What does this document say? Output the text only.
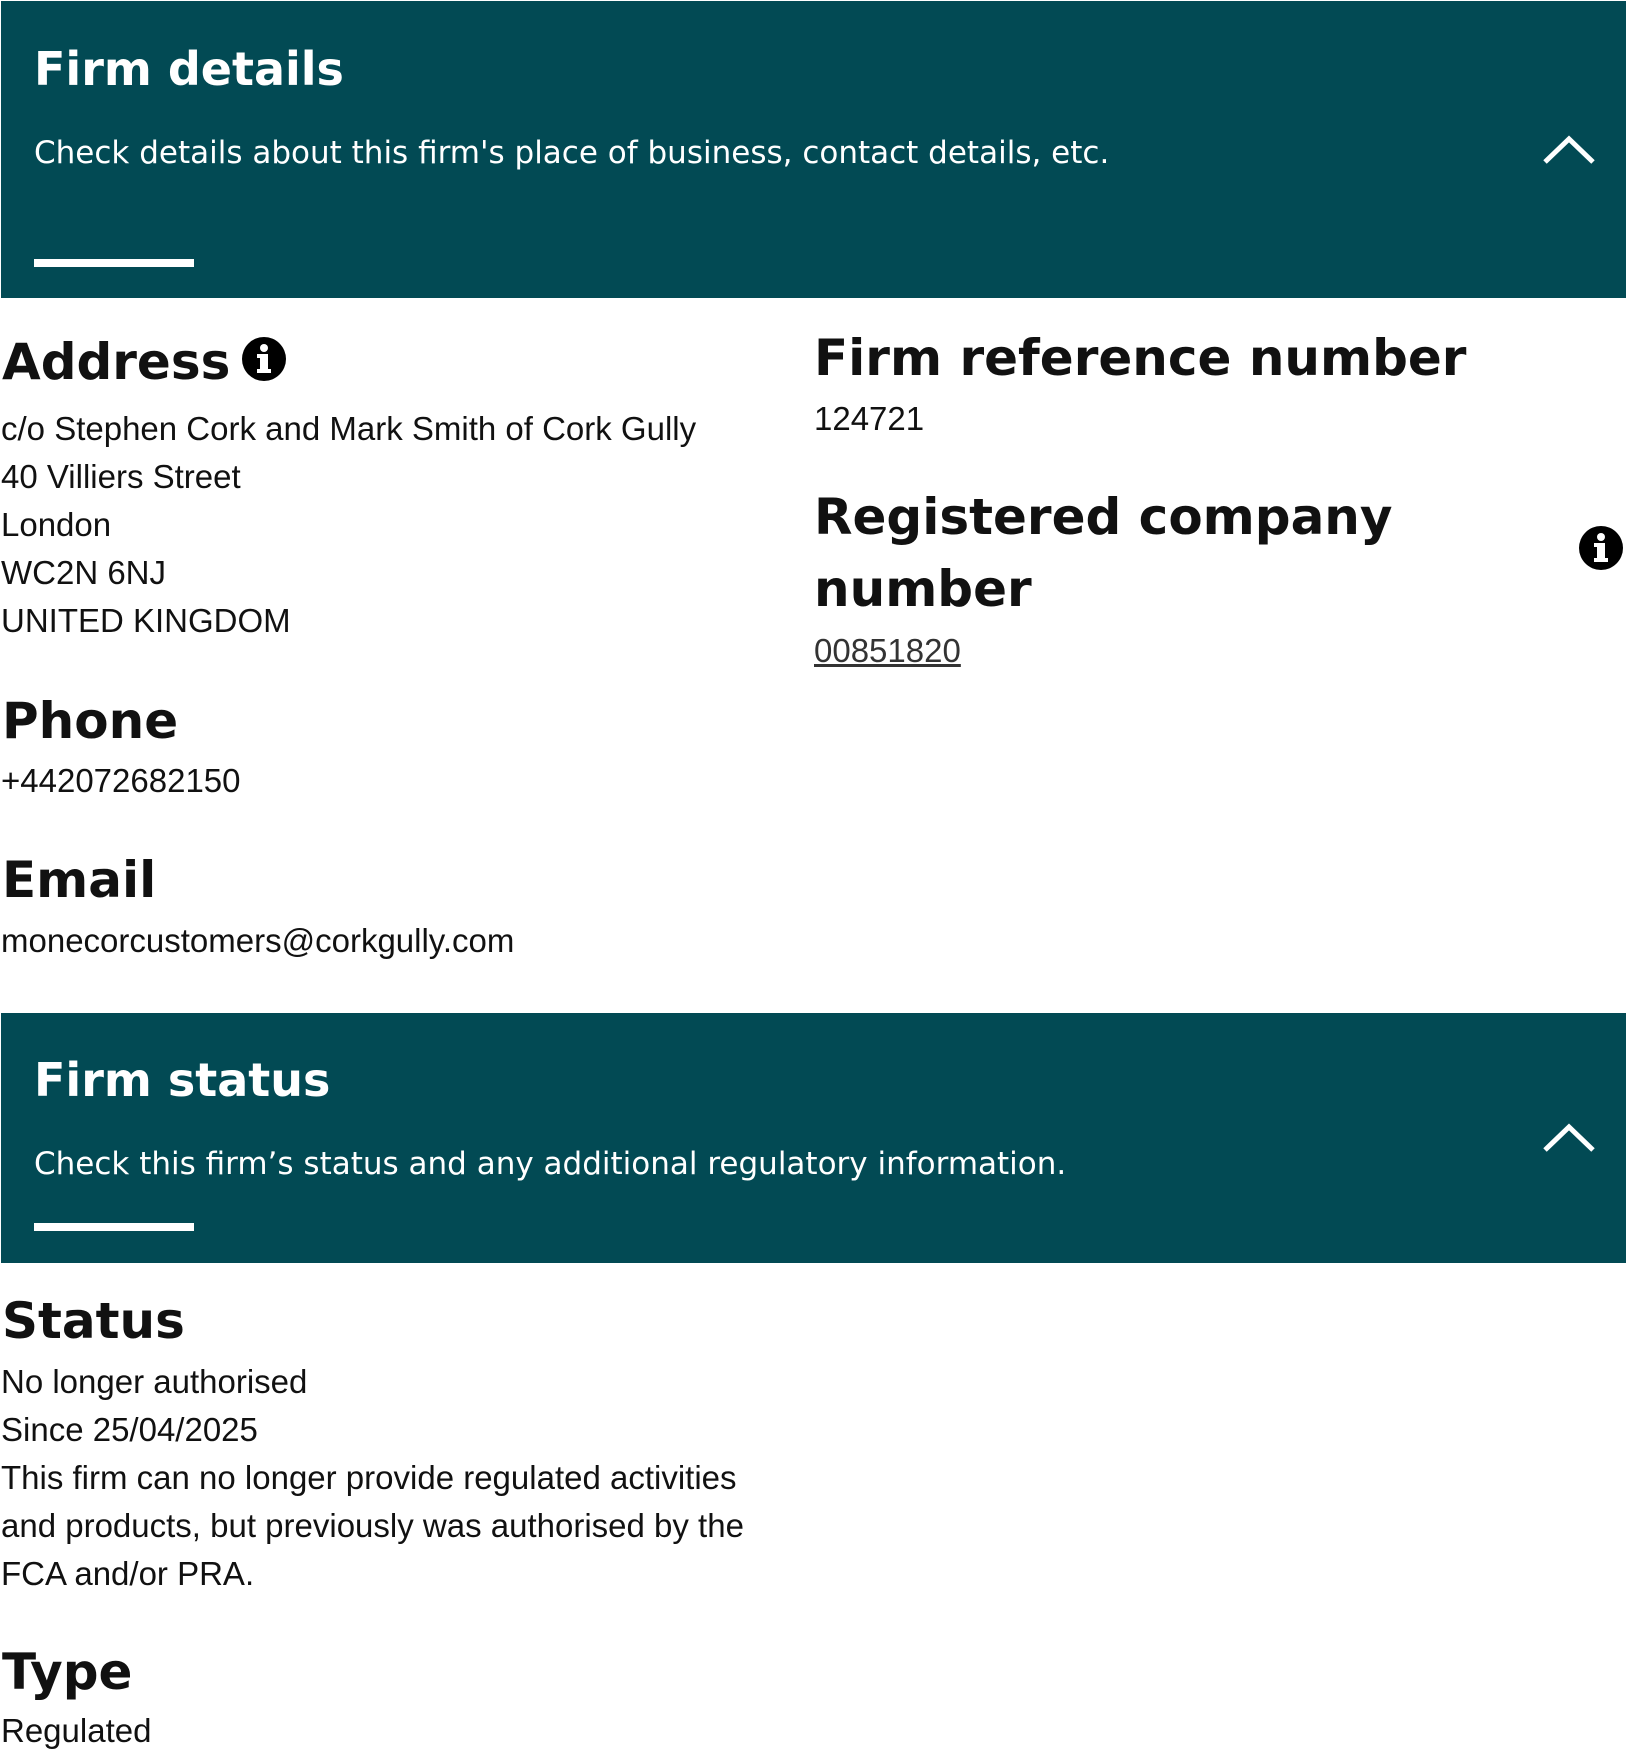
Firm details
Check details about this firm's place of business, contact details, etc.
Address
c/o Stephen Cork and Mark Smith of Cork Gully
40 Villiers Street
London
WC2N 6NJ
UNITED KINGDOM
Phone
+442072682150
Email
monecorcustomers@corkgully.com
Firm reference number
124721
Registered company
number
00851820
Firm status
Check this firm’s status and any additional regulatory information.
Status
No longer authorised
Since 25/04/2025
This firm can no longer provide regulated activities and products, but previously was authorised by the FCA and/or PRA.
Type
Regulated
